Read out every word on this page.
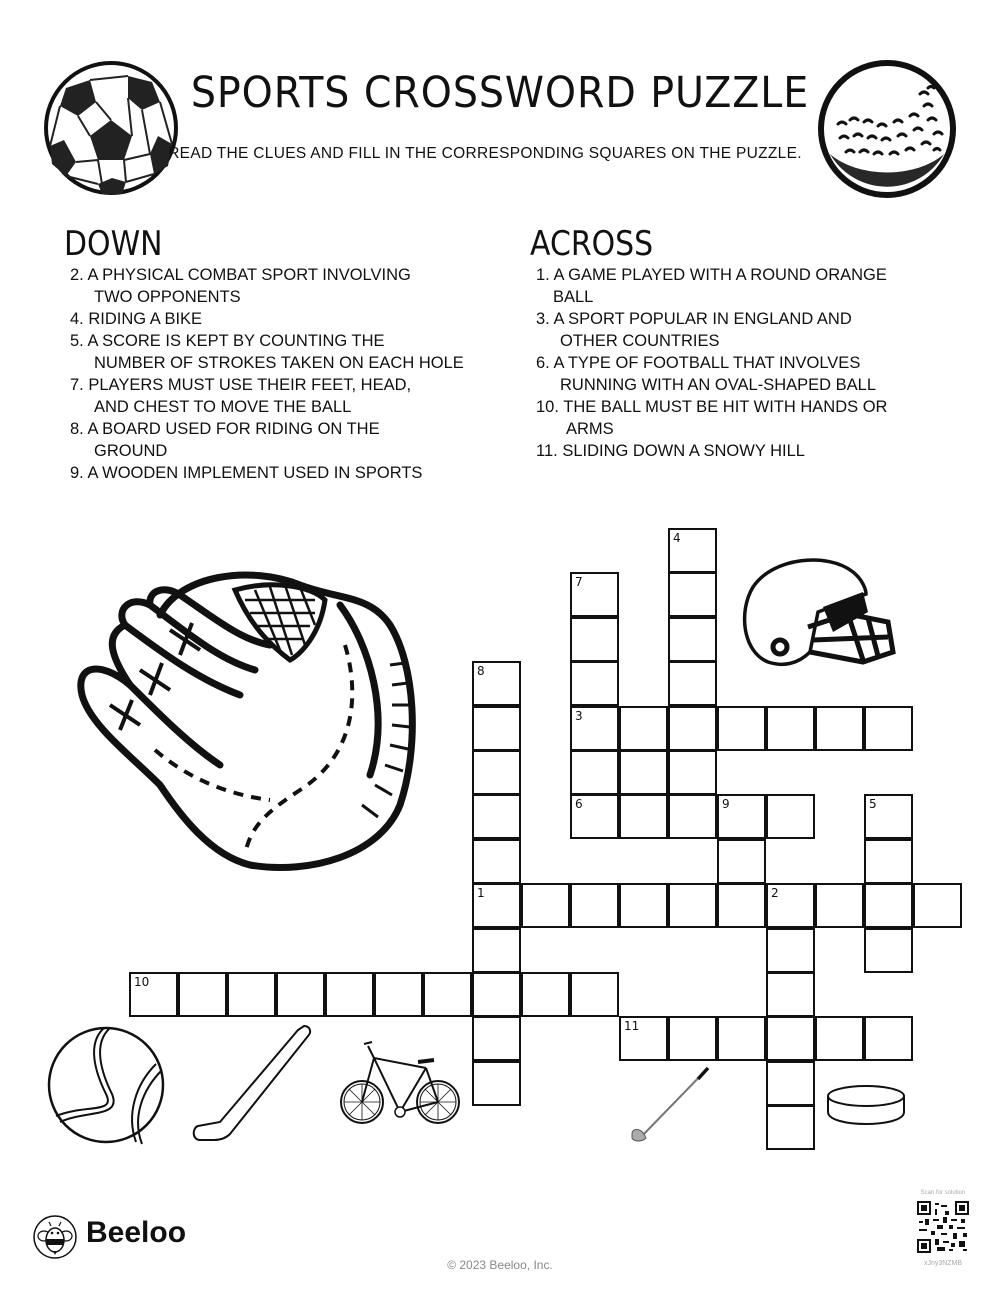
SPORTS CROSSWORD PUZZLE
READ THE CLUES AND FILL IN THE CORRESPONDING SQUARES ON THE PUZZLE.
DOWN
2. A PHYSICAL COMBAT SPORT INVOLVING
TWO OPPONENTS
4. RIDING A BIKE
5. A SCORE IS KEPT BY COUNTING THE
NUMBER OF STROKES TAKEN ON EACH HOLE
7. PLAYERS MUST USE THEIR FEET, HEAD,
AND CHEST TO MOVE THE BALL
8. A BOARD USED FOR RIDING ON THE
GROUND
9. A WOODEN IMPLEMENT USED IN SPORTS
ACROSS
1. A GAME PLAYED WITH A ROUND ORANGE
BALL
3. A SPORT POPULAR IN ENGLAND AND
OTHER COUNTRIES
6. A TYPE OF FOOTBALL THAT INVOLVES
RUNNING WITH AN OVAL-SHAPED BALL
10. THE BALL MUST BE HIT WITH HANDS OR
ARMS
11. SLIDING DOWN A SNOWY HILL
4
7
8
1
3
6	9	5
2
10
11
Beeloo
© 2023 Beeloo, Inc.
Scan for solution
xJny3NZMB
